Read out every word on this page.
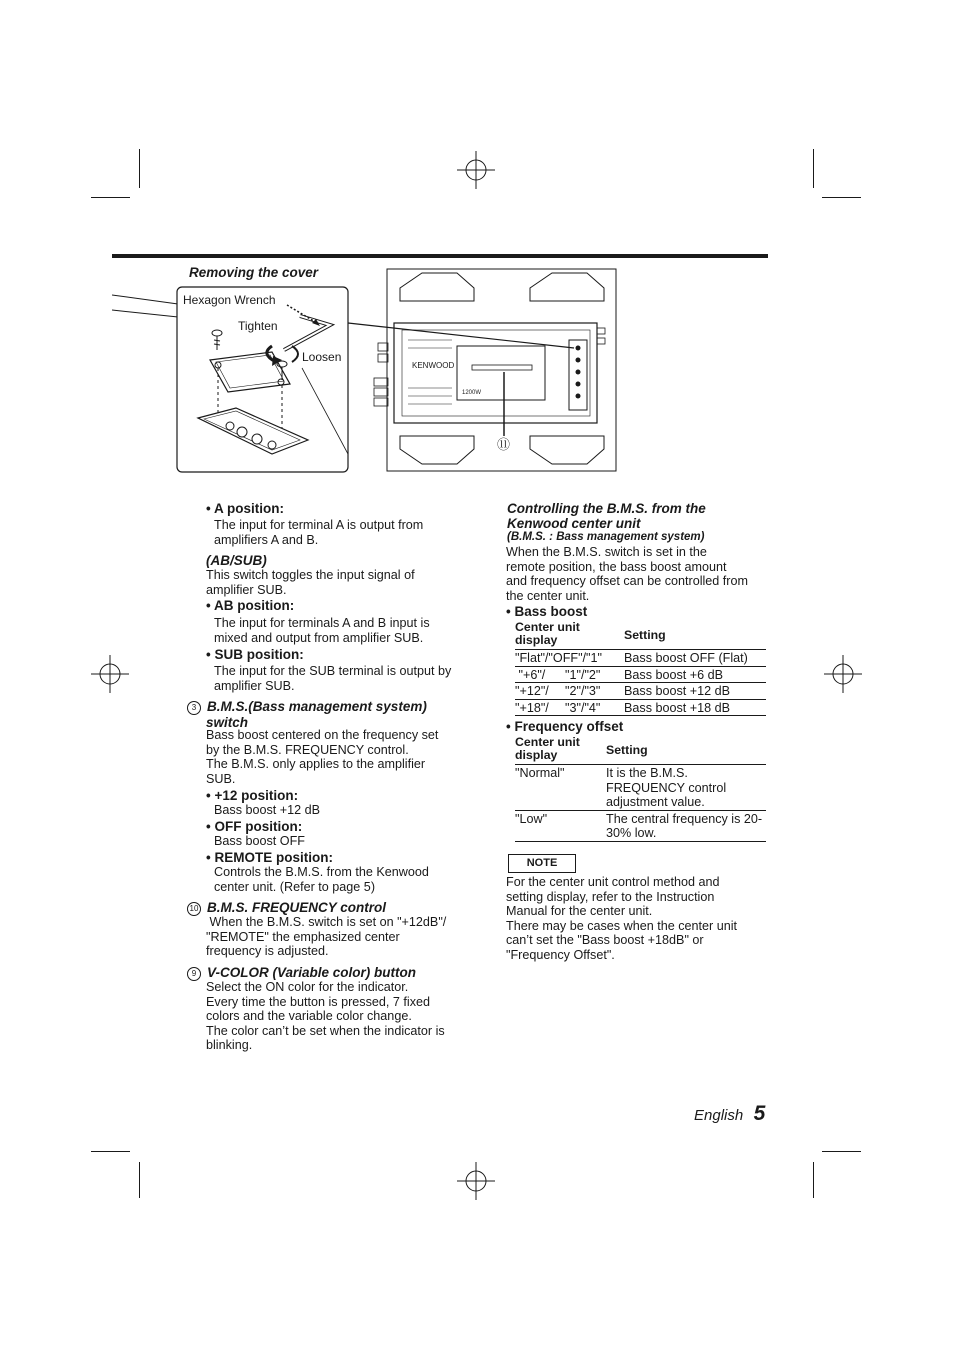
Removing the cover
KENWOOD
1200W
Hexagon Wrench
Tighten
Loosen
⑪
• A position:
The input for terminal A is output from
amplifiers A and B.
(AB/SUB)
This switch toggles the input signal of
amplifier SUB.
• AB position:
The input for terminals A and B input is
mixed and output from amplifier SUB.
• SUB position:
The input for the SUB terminal is output by
amplifier SUB.
3 B.M.S.(Bass management system)
switch
Bass boost centered on the frequency set
by the B.M.S. FREQUENCY control.
The B.M.S. only applies to the amplifier
SUB.
• +12 position:
Bass boost +12 dB
• OFF position:
Bass boost OFF
• REMOTE position:
Controls the B.M.S. from the Kenwood
center unit. (Refer to page 5)
10 B.M.S. FREQUENCY control
When the B.M.S. switch is set on "+12dB"/
"REMOTE" the emphasized center
frequency is adjusted.
9 V-COLOR (Variable color) button
Select the ON color for the indicator.
Every time the button is pressed, 7 fixed
colors and the variable color change.
The color can’t be set when the indicator is
blinking.
Controlling the B.M.S. from the
Kenwood center unit
(B.M.S. : Bass management system)
When the B.M.S. switch is set in the
remote position, the bass boost amount
and frequency offset can be controlled from
the center unit.
• Bass boost
Center unit
display		Setting
"Flat"/"OFF"/"1"		Bass boost OFF (Flat)
"+6"/	"1"/"2"	Bass boost +6 dB
"+12"/	"2"/"3"	Bass boost +12 dB
"+18"/	"3"/"4"	Bass boost +18 dB
• Frequency offset
Center unit
display	Setting
"Normal"	It is the B.M.S.
FREQUENCY control
adjustment value.

"Low"	The central frequency is 20-
30% low.
NOTE
For the center unit control method and
setting display, refer to the Instruction
Manual for the center unit.
There may be cases when the center unit
can’t set the "Bass boost +18dB" or
"Frequency Offset".
English 5
